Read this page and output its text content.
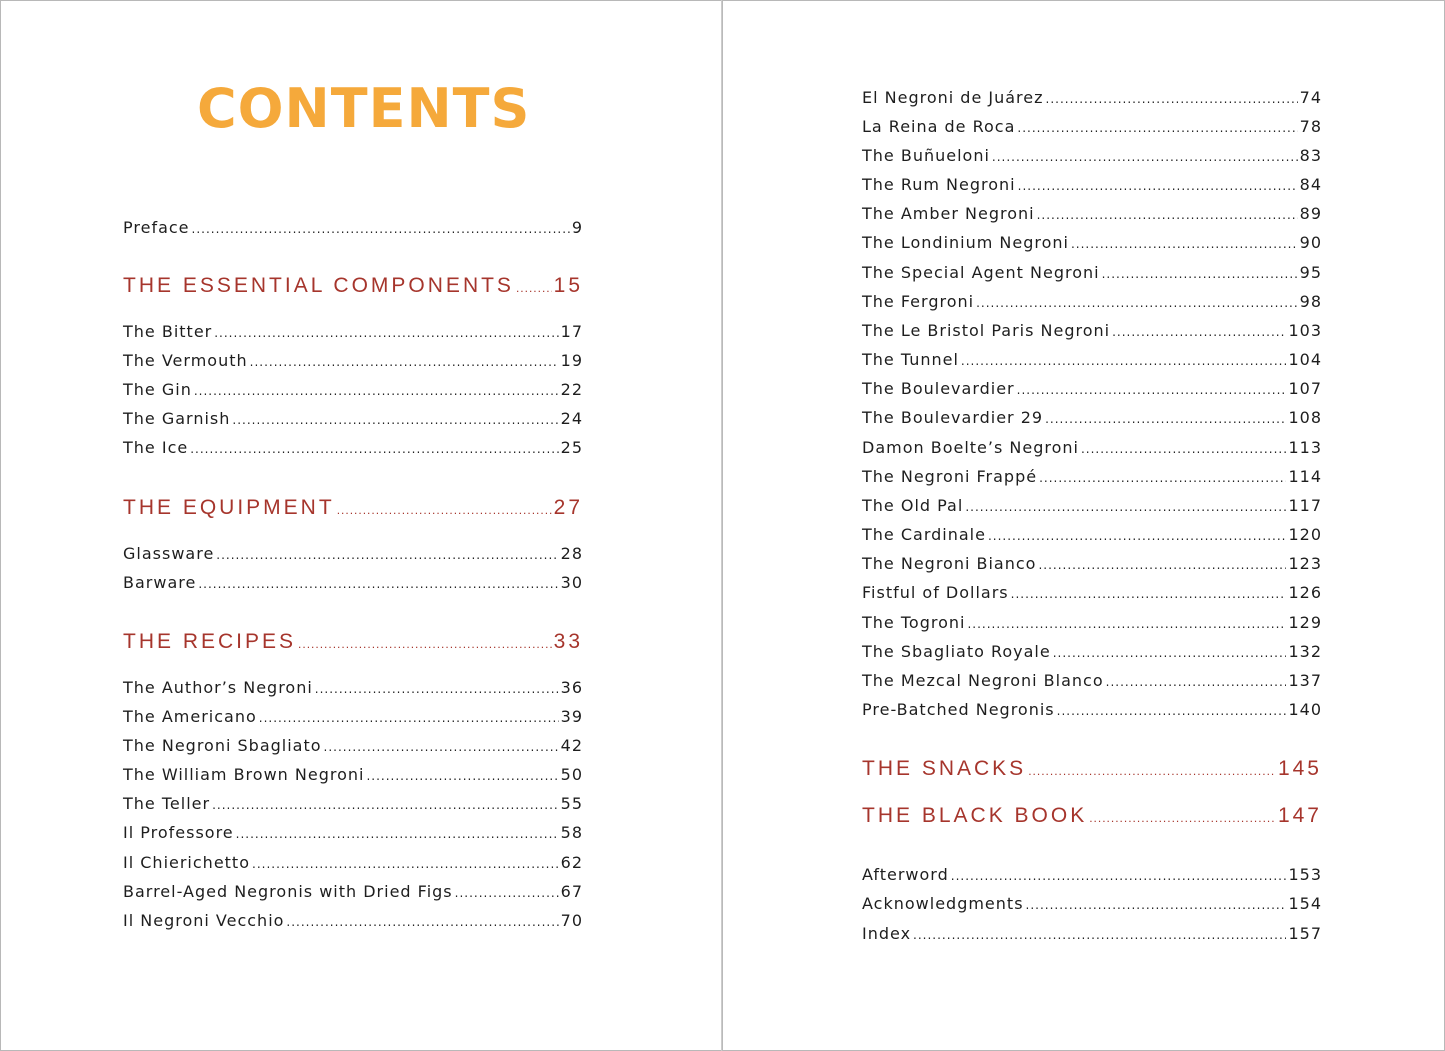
CONTENTS
Preface .....	9
THE ESSENTIAL COMPONENTS ..... 15
The Bitter .....	17
The Vermouth .....	19
The Gin .....	22
The Garnish .....	24
The Ice .....	25
THE EQUIPMENT .....	27
Glassware .....	28
Barware .....	30
THE RECIPES .....	33
The Author’s Negroni .....	36
The Americano .....	39
The Negroni Sbagliato .....	42
The William Brown Negroni .....	50
The Teller .....	55
Il Professore .....	58
Il Chierichetto .....	62
Barrel-Aged Negronis with Dried Figs .....	67
Il Negroni Vecchio .....	70
El Negroni de Juárez .....	74
La Reina de Roca .....	78
The Buñueloni .....	83
The Rum Negroni .....	84
The Amber Negroni .....	89
The Londinium Negroni .....	90
The Special Agent Negroni .....	95
The Fergroni .....	98
The Le Bristol Paris Negroni .....	103
The Tunnel .....	104
The Boulevardier .....	107
The Boulevardier 29 .....	108
Damon Boelte’s Negroni .....	113
The Negroni Frappé .....	114
The Old Pal .....	117
The Cardinale .....	120
The Negroni Bianco .....	123
Fistful of Dollars .....	126
The Togroni .....	129
The Sbagliato Royale .....	132
The Mezcal Negroni Blanco .....	137
Pre-Batched Negronis .....	140
THE SNACKS .....	145
THE BLACK BOOK .....	147
Afterword .....	153
Acknowledgments .....	154
Index .....	157
